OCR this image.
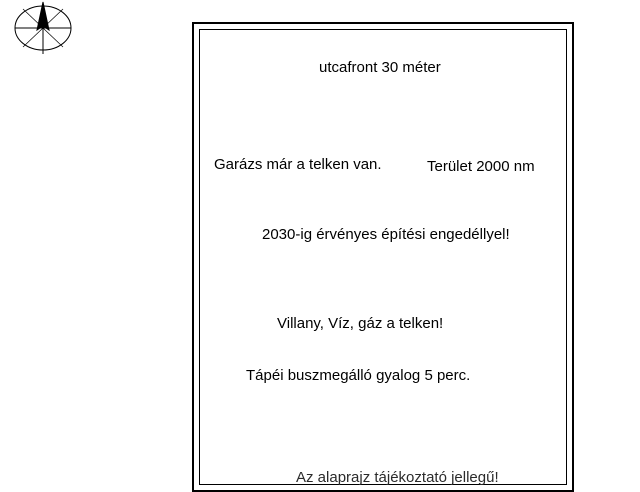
utcafront 30 méter
Garázs már a telken van.	Terület 2000 nm
2030-ig érvényes építési engedéllyel!
Villany, Víz, gáz a telken!
Tápéi buszmegálló gyalog 5 perc.
Az alaprajz tájékoztató jellegű!
